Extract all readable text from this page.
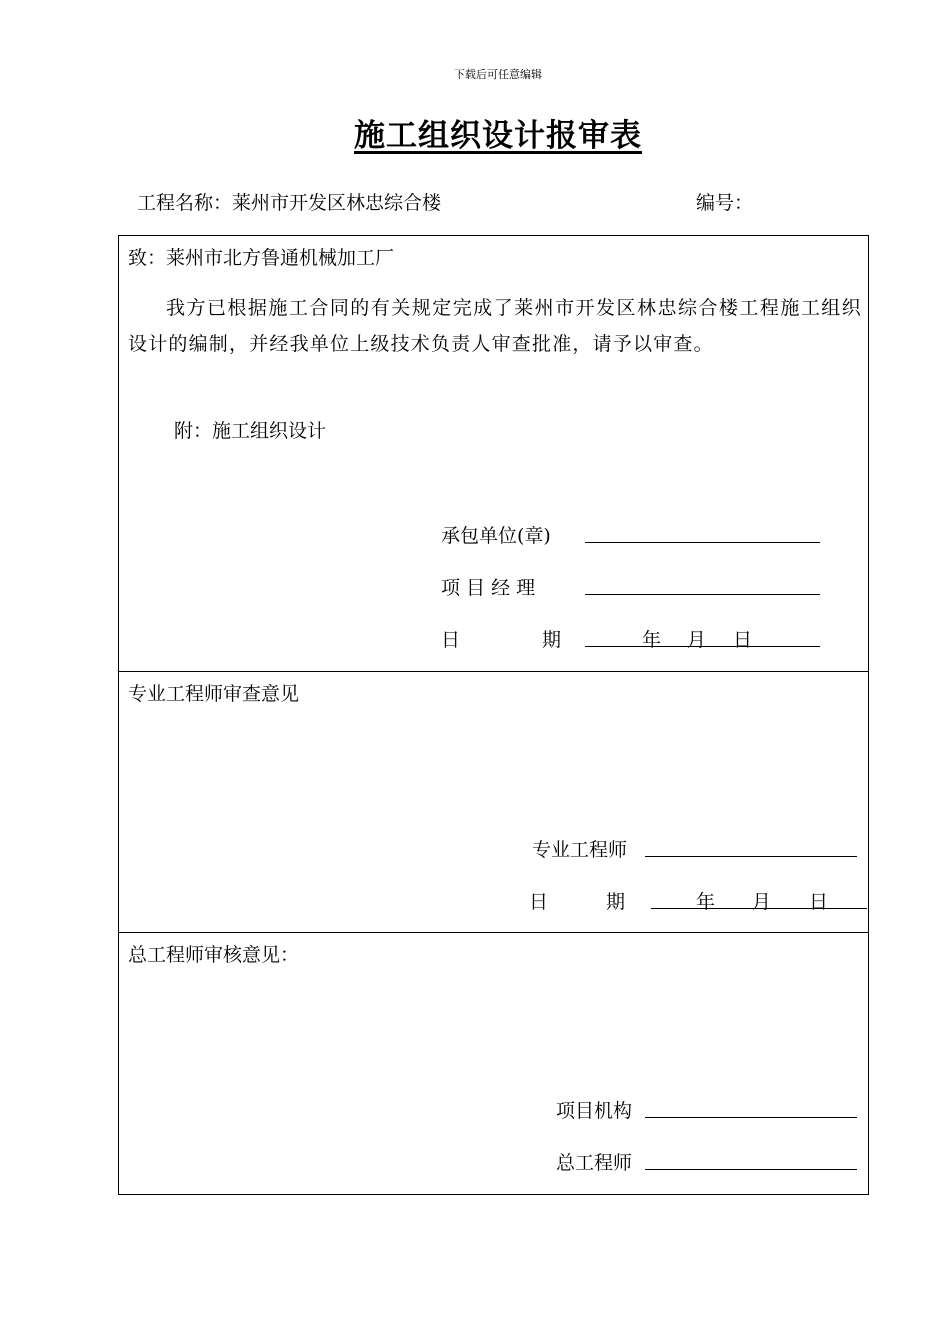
下载后可任意编辑
施工组织设计报审表
工程名称：莱州市开发区林忠综合楼	编号：
致：莱州市北方鲁通机械加工厂
我方已根据施工合同的有关规定完成了莱州市开发区林忠综合楼工程施工组织设计的编制，并经我单位上级技术负责人审查批准，请予以审查。
附：施工组织设计
承包单位(章)
项 目 经 理
日	期	年 月 日
专业工程师审查意见
专业工程师
日	期	年 月 日
总工程师审核意见：
项目机构
总工程师
